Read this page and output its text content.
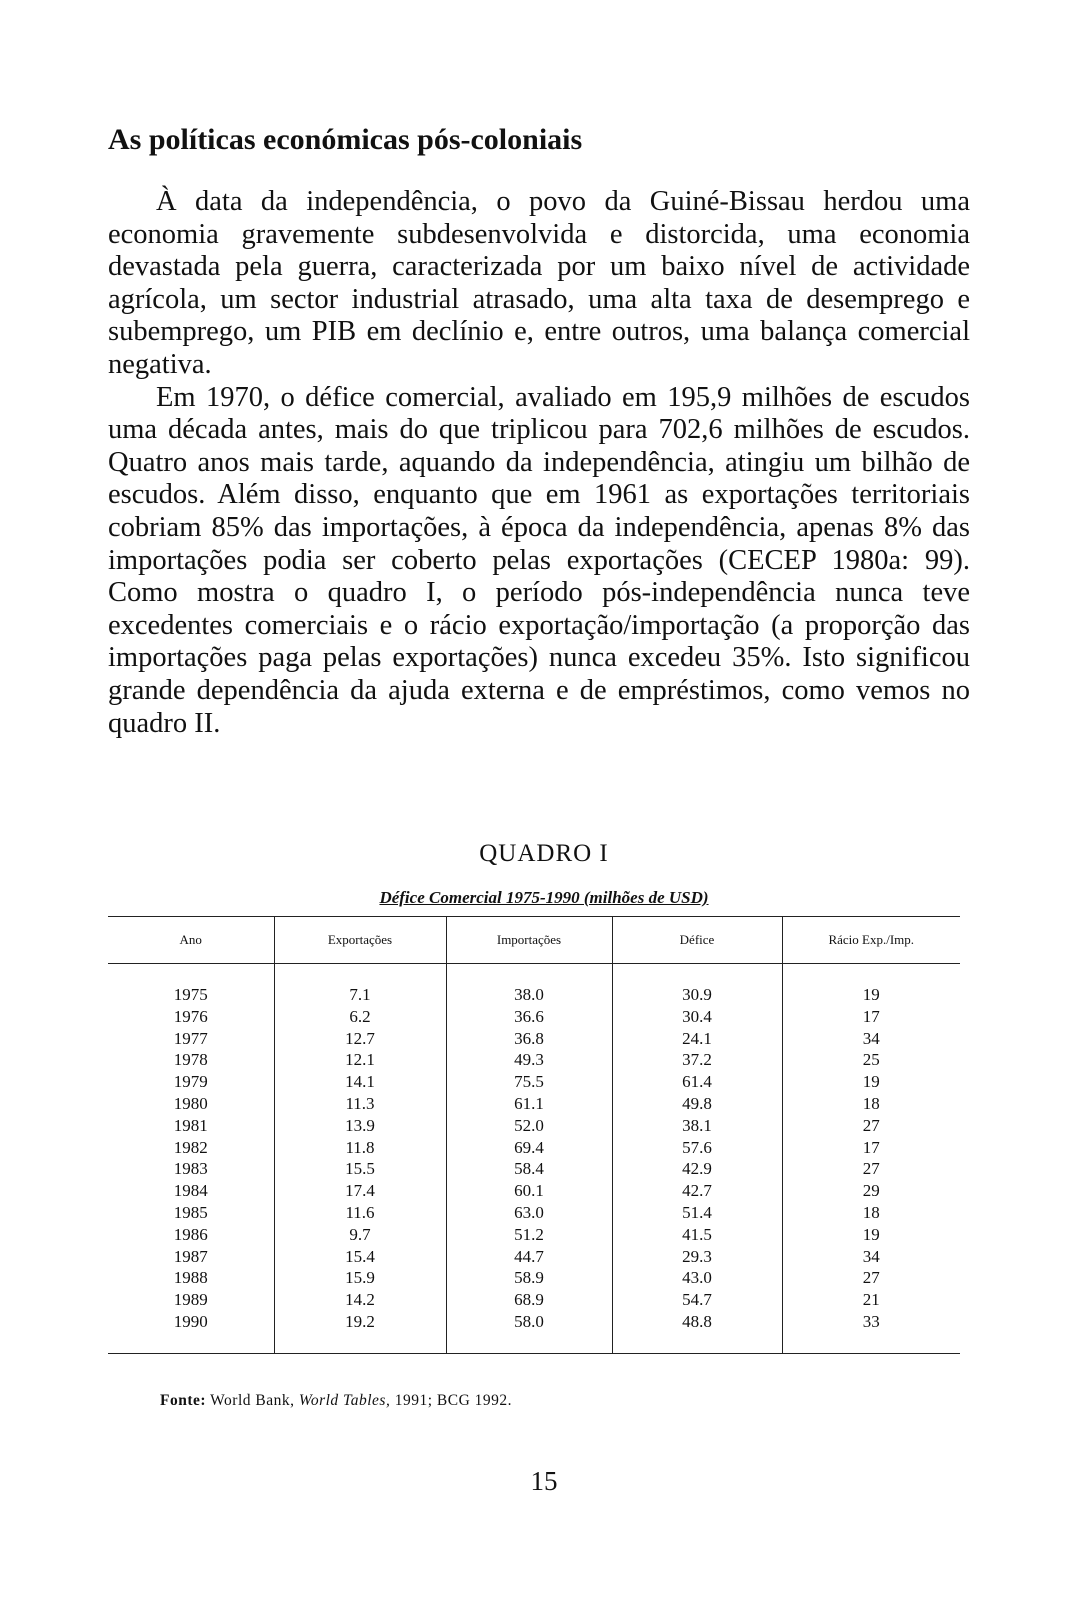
As políticas económicas pós-coloniais

À data da independência, o povo da Guiné-Bissau herdou uma economia gravemente subdesenvolvida e distorcida, uma economia devastada pela guerra, caracterizada por um baixo nível de actividade agrícola, um sector industrial atrasado, uma alta taxa de desemprego e subemprego, um PIB em declínio e, entre outros, uma balança comercial negativa.

Em 1970, o défice comercial, avaliado em 195,9 milhões de escudos uma década antes, mais do que triplicou para 702,6 milhões de escudos. Quatro anos mais tarde, aquando da independência, atingiu um bilhão de escudos. Além disso, enquanto que em 1961 as exportações territoriais cobriam 85% das importações, à época da independência, apenas 8% das importações podia ser coberto pelas exportações (CECEP 1980a: 99). Como mostra o quadro I, o período pós-independência nunca teve excedentes comerciais e o rácio exportação/importação (a proporção das importações paga pelas exportações) nunca excedeu 35%. Isto significou grande dependência da ajuda externa e de empréstimos, como vemos no quadro II.

QUADRO I
Défice Comercial 1975-1990 (milhões de USD)
Ano	Exportações	Importações	Défice	Rácio Exp./Imp.

1975	7.1	38.0	30.9	19
1976	6.2	36.6	30.4	17
1977	12.7	36.8	24.1	34
1978	12.1	49.3	37.2	25
1979	14.1	75.5	61.4	19
1980	11.3	61.1	49.8	18
1981	13.9	52.0	38.1	27
1982	11.8	69.4	57.6	17
1983	15.5	58.4	42.9	27
1984	17.4	60.1	42.7	29
1985	11.6	63.0	51.4	18
1986	9.7	51.2	41.5	19
1987	15.4	44.7	29.3	34
1988	15.9	58.9	43.0	27
1989	14.2	68.9	54.7	21
1990	19.2	58.0	48.8	33

Fonte: World Bank, World Tables, 1991; BCG 1992.
15
